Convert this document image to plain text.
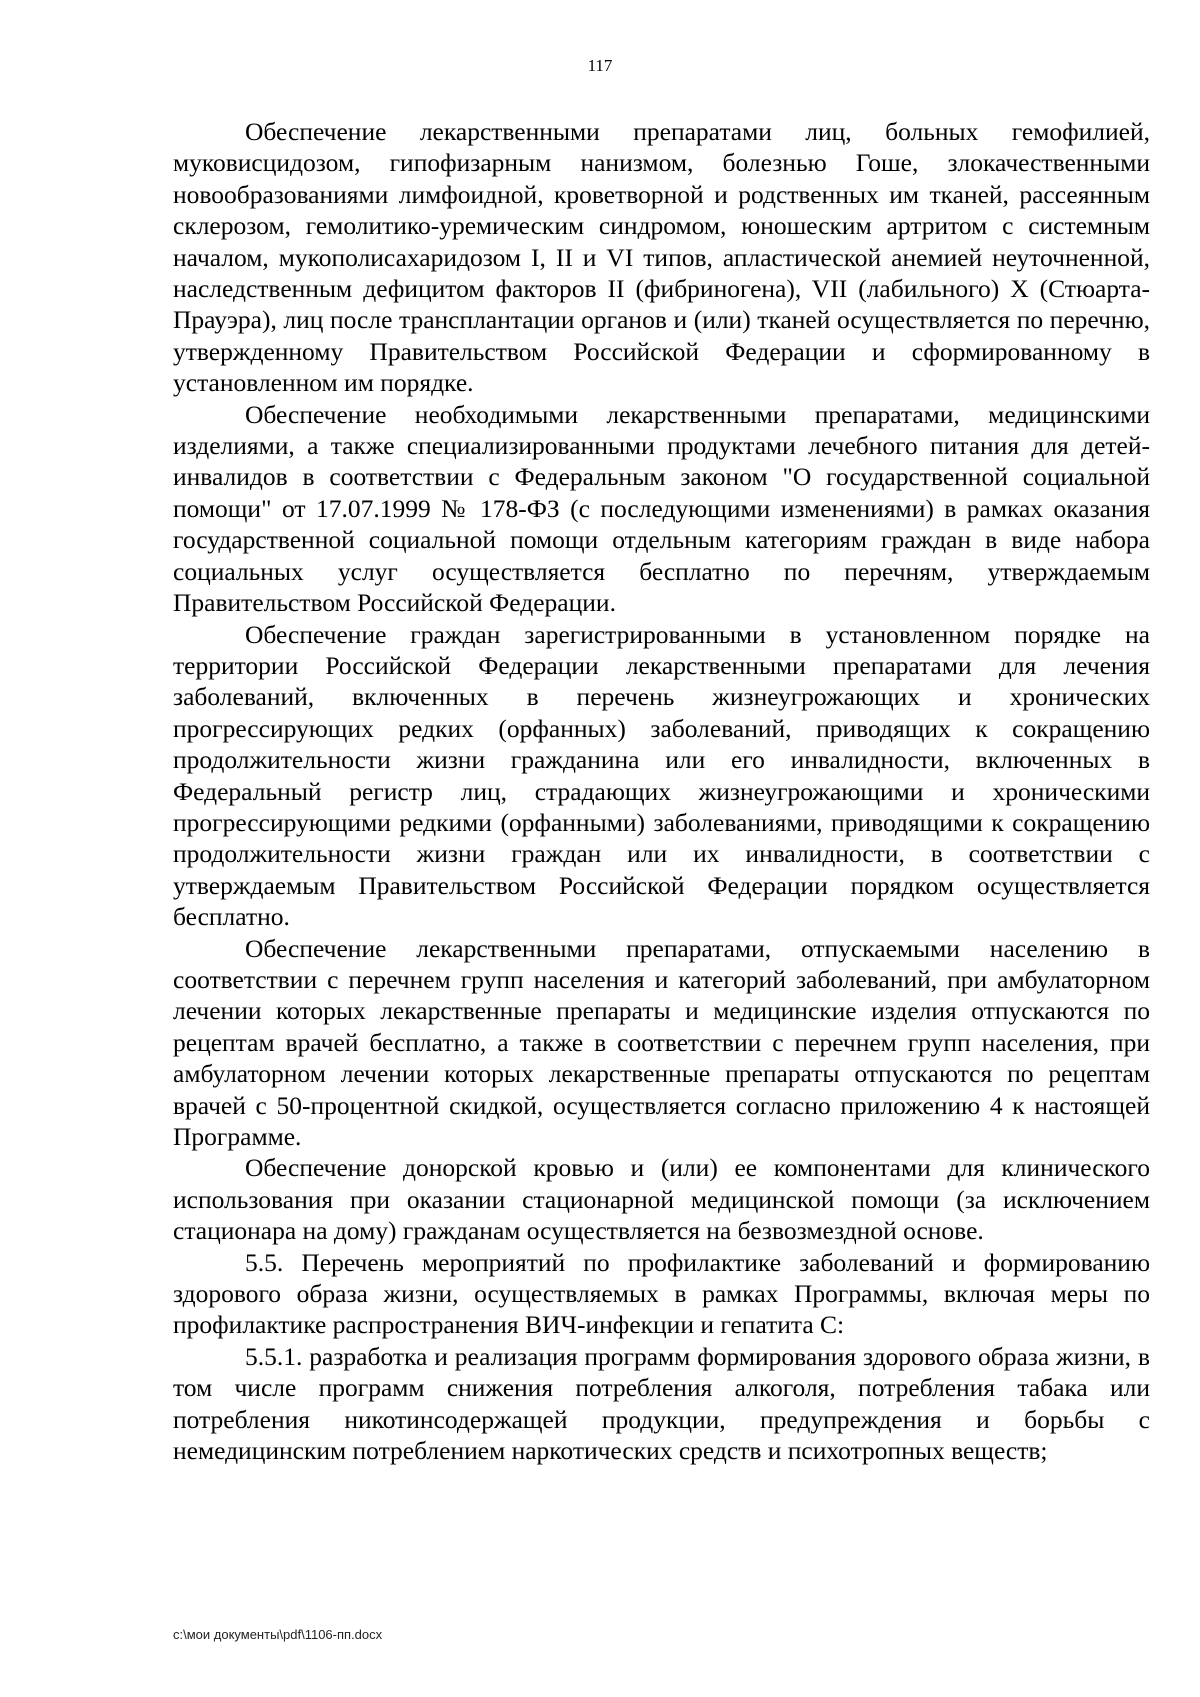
117

Обеспечение лекарственными препаратами лиц, больных гемофилией, муковисцидозом, гипофизарным нанизмом, болезнью Гоше, злокачественными новообразованиями лимфоидной, кроветворной и родственных им тканей, рассеянным склерозом, гемолитико-уремическим синдромом, юношеским артритом с системным началом, мукополисахаридозом I, II и VI типов, апластической анемией неуточненной, наследственным дефицитом факторов II (фибриногена), VII (лабильного) X (Стюарта-Прауэра), лиц после трансплантации органов и (или) тканей осуществляется по перечню, утвержденному Правительством Российской Федерации и сформированному в установленном им порядке.

Обеспечение необходимыми лекарственными препаратами, медицинскими изделиями, а также специализированными продуктами лечебного питания для детей-инвалидов в соответствии с Федеральным законом "О государственной социальной помощи" от 17.07.1999 № 178-ФЗ (с последующими изменениями) в рамках оказания государственной социальной помощи отдельным категориям граждан в виде набора социальных услуг осуществляется бесплатно по перечням, утверждаемым Правительством Российской Федерации.

Обеспечение граждан зарегистрированными в установленном порядке на территории Российской Федерации лекарственными препаратами для лечения заболеваний, включенных в перечень жизнеугрожающих и хронических прогрессирующих редких (орфанных) заболеваний, приводящих к сокращению продолжительности жизни гражданина или его инвалидности, включенных в Федеральный регистр лиц, страдающих жизнеугрожающими и хроническими прогрессирующими редкими (орфанными) заболеваниями, приводящими к сокращению продолжительности жизни граждан или их инвалидности, в соответствии с утверждаемым Правительством Российской Федерации порядком осуществляется бесплатно.

Обеспечение лекарственными препаратами, отпускаемыми населению в соответствии с перечнем групп населения и категорий заболеваний, при амбулаторном лечении которых лекарственные препараты и медицинские изделия отпускаются по рецептам врачей бесплатно, а также в соответствии с перечнем групп населения, при амбулаторном лечении которых лекарственные препараты отпускаются по рецептам врачей с 50-процентной скидкой, осуществляется согласно приложению 4 к настоящей Программе.

Обеспечение донорской кровью и (или) ее компонентами для клинического использования при оказании стационарной медицинской помощи (за исключением стационара на дому) гражданам осуществляется на безвозмездной основе.

5.5. Перечень мероприятий по профилактике заболеваний и формированию здорового образа жизни, осуществляемых в рамках Программы, включая меры по профилактике распространения ВИЧ-инфекции и гепатита С:

5.5.1. разработка и реализация программ формирования здорового образа жизни, в том числе программ снижения потребления алкоголя, потребления табака или потребления никотинсодержащей продукции, предупреждения и борьбы с немедицинским потреблением наркотических средств и психотропных веществ;

c:\мои документы\pdf\1106-пп.docx
